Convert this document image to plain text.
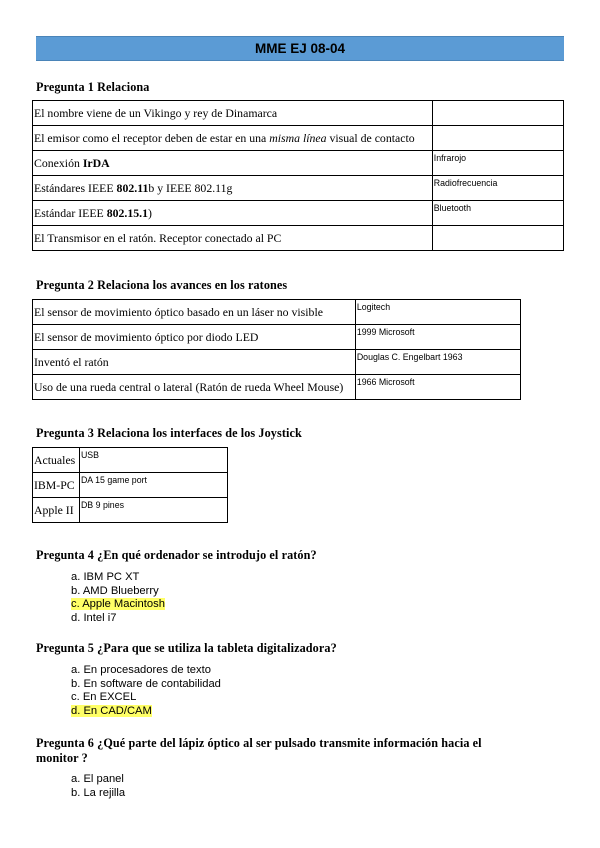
MME EJ 08-04
Pregunta 1 Relaciona
El nombre viene de un Vikingo y rey de Dinamarca	
El emisor como el receptor deben de estar en una misma línea visual de contacto	
Conexión IrDA	Infrarojo
Estándares IEEE 802.11b y IEEE 802.11g	Radiofrecuencia
Estándar IEEE 802.15.1)	Bluetooth
El Transmisor en el ratón. Receptor conectado al PC	
Pregunta 2 Relaciona los avances en los ratones
El sensor de movimiento óptico basado en un láser no visible	Logitech
El sensor de movimiento óptico por diodo LED	1999 Microsoft
Inventó el ratón	Douglas C. Engelbart 1963
Uso de una rueda central o lateral (Ratón de rueda Wheel Mouse)	1966 Microsoft
Pregunta 3 Relaciona los interfaces de los Joystick
Actuales	USB
IBM-PC	DA 15 game port
Apple II	DB 9 pines
Pregunta 4 ¿En qué ordenador se introdujo el ratón?
a. IBM PC XT
b. AMD Blueberry
c. Apple Macintosh
d. Intel i7
Pregunta 5 ¿Para que se utiliza la tableta digitalizadora?
a. En procesadores de texto
b. En software de contabilidad
c. En EXCEL
d. En CAD/CAM
Pregunta 6 ¿Qué parte del lápiz óptico al ser pulsado transmite información hacia el
monitor ?
a. El panel
b. La rejilla
